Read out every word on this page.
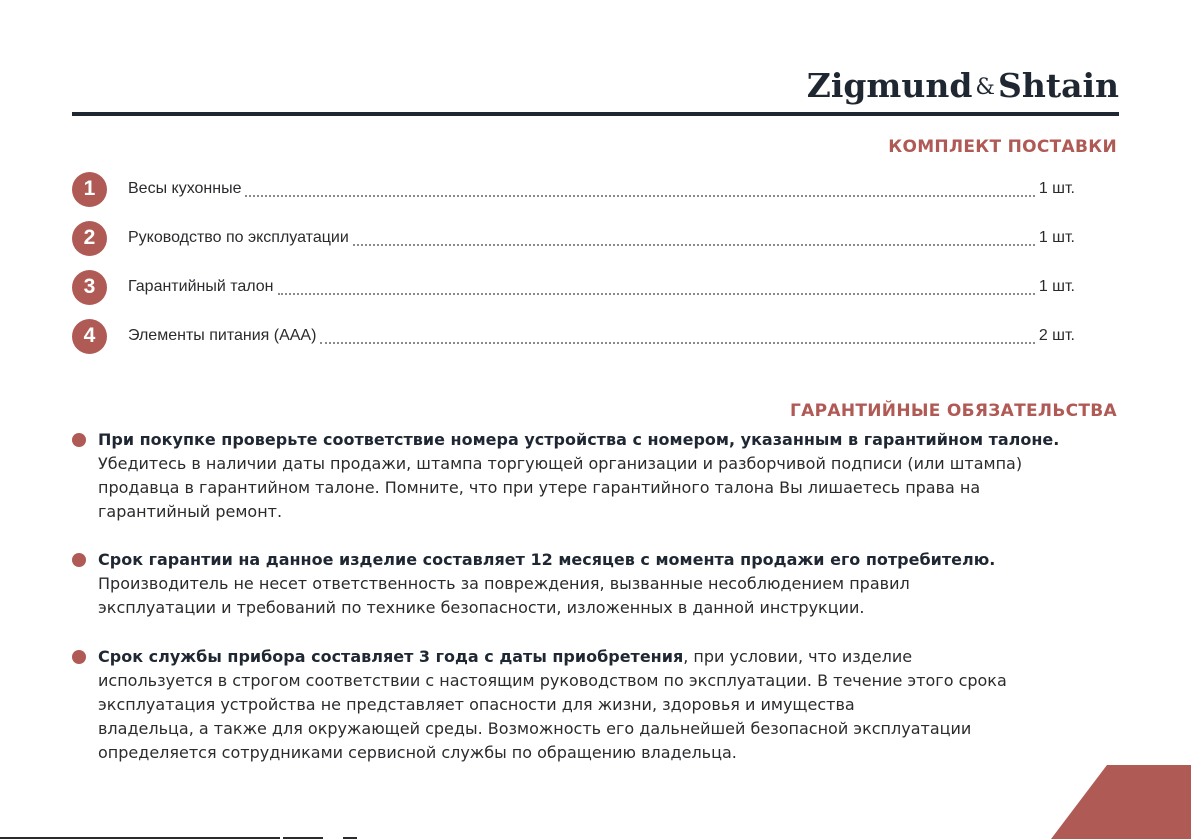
Zigmund &Shtain
КОМПЛЕКТ ПОСТАВКИ
1	Весы кухонные	1 шт.
2	Руководство по эксплуатации	1 шт.
3	Гарантийный талон	1 шт.
4	Элементы питания (ААА)	2 шт.
ГАРАНТИЙНЫЕ ОБЯЗАТЕЛЬСТВА
При покупке проверьте соответствие номера устройства с номером, указанным в гарантийном талоне.
Убедитесь в наличии даты продажи, штампа торгующей организации и разборчивой подписи (или штампа)
продавца в гарантийном талоне. Помните, что при утере гарантийного талона Вы лишаетесь права на
гарантийный ремонт.
Срок гарантии на данное изделие составляет 12 месяцев с момента продажи его потребителю.
Производитель не несет ответственность за повреждения, вызванные несоблюдением правил
эксплуатации и требований по технике безопасности, изложенных в данной инструкции.
Срок службы прибора составляет 3 года с даты приобретения, при условии, что изделие
используется в строгом соответствии с настоящим руководством по эксплуатации. В течение этого срока
эксплуатация устройства не представляет опасности для жизни, здоровья и имущества
владельца, а также для окружающей среды. Возможность его дальнейшей безопасной эксплуатации
определяется сотрудниками сервисной службы по обращению владельца.
